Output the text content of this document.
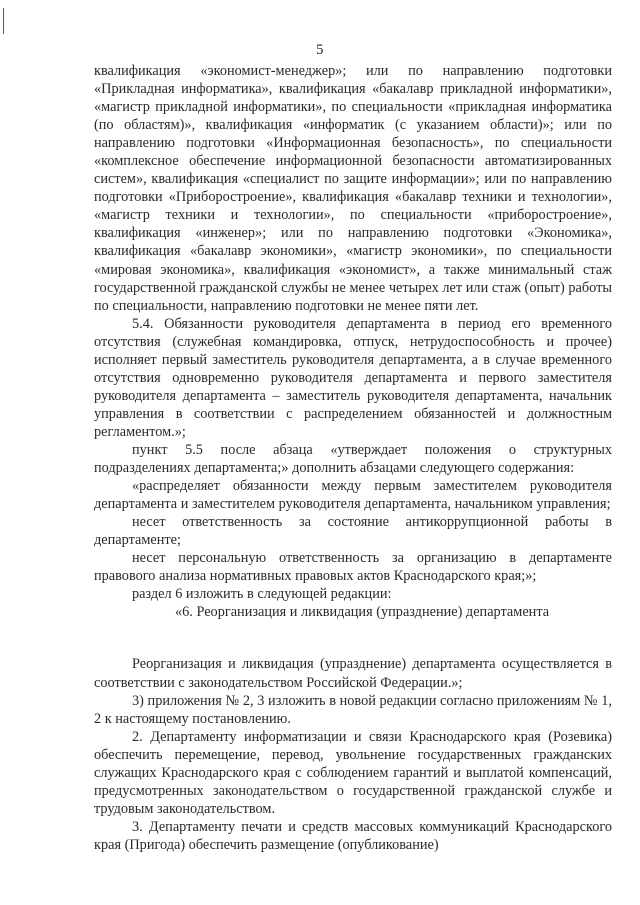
5

квалификация «экономист-менеджер»; или по направлению подготовки «Прикладная информатика», квалификация «бакалавр прикладной информатики», «магистр прикладной информатики», по специальности «прикладная информатика (по областям)», квалификация «информатик (с указанием области)»; или по направлению подготовки «Информационная безопасность», по специальности «комплексное обеспечение информационной безопасности автоматизированных систем», квалификация «специалист по защите информации»; или по направлению подготовки «Приборостроение», квалификация «бакалавр техники и технологии», «магистр техники и технологии», по специальности «приборостроение», квалификация «инженер»; или по направлению подготовки «Экономика», квалификация «бакалавр экономики», «магистр экономики», по специальности «мировая экономика», квалификация «экономист», а также минимальный стаж государственной гражданской службы не менее четырех лет или стаж (опыт) работы по специальности, направлению подготовки не менее пяти лет.

5.4. Обязанности руководителя департамента в период его временного отсутствия (служебная командировка, отпуск, нетрудоспособность и прочее) исполняет первый заместитель руководителя департамента, а в случае временного отсутствия одновременно руководителя департамента и первого заместителя руководителя департамента – заместитель руководителя департамента, начальник управления в соответствии с распределением обязанностей и должностным регламентом.»;

пункт 5.5 после абзаца «утверждает положения о структурных подразделениях департамента;» дополнить абзацами следующего содержания:

«распределяет обязанности между первым заместителем руководителя департамента и заместителем руководителя департамента, начальником управления;

несет ответственность за состояние антикоррупционной работы в департаменте;

несет персональную ответственность за организацию в департаменте правового анализа нормативных правовых актов Краснодарского края;»;

раздел 6 изложить в следующей редакции:

«6. Реорганизация и ликвидация (упразднение) департамента

Реорганизация и ликвидация (упразднение) департамента осуществляется в соответствии с законодательством Российской Федерации.»;

3) приложения № 2, 3 изложить в новой редакции согласно приложениям № 1, 2 к настоящему постановлению.

2. Департаменту информатизации и связи Краснодарского края (Розевика) обеспечить перемещение, перевод, увольнение государственных гражданских служащих Краснодарского края с соблюдением гарантий и выплатой компенсаций, предусмотренных законодательством о государственной гражданской службе и трудовым законодательством.

3. Департаменту печати и средств массовых коммуникаций Краснодарского края (Пригода) обеспечить размещение (опубликование)
